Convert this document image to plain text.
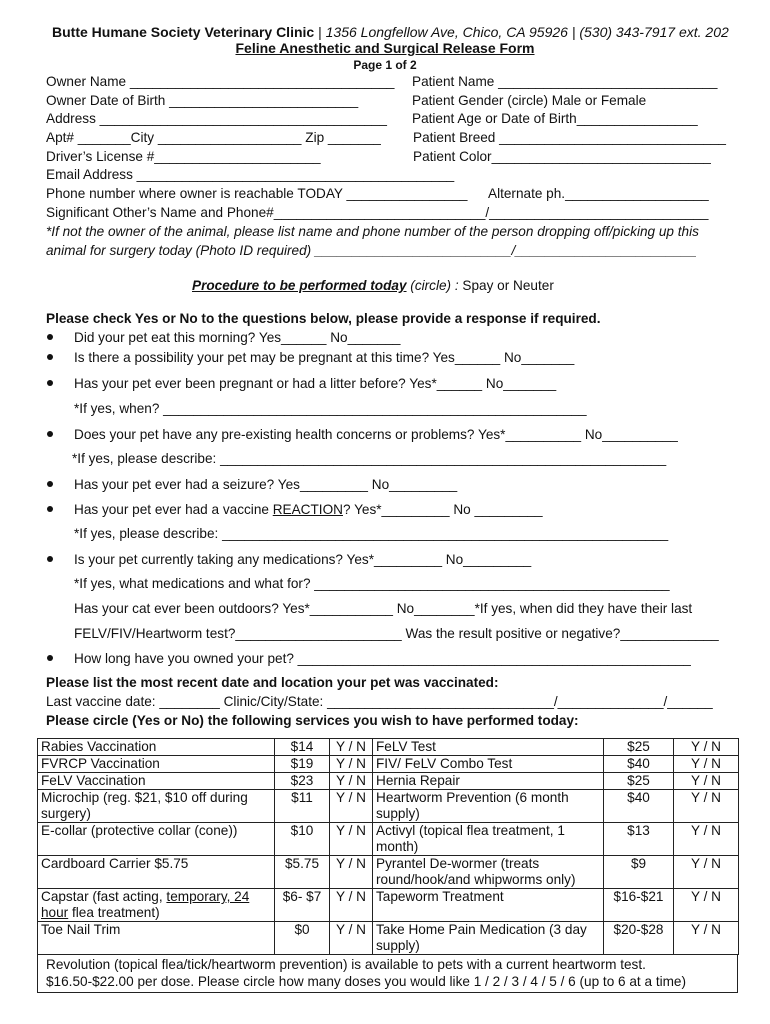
Butte Humane Society Veterinary Clinic | 1356 Longfellow Ave, Chico, CA 95926 | (530) 343-7917 ext. 202
Feline Anesthetic and Surgical Release Form
Page 1 of 2
Owner Name ___________________________________ Patient Name _____________________________
Owner Date of Birth _________________________	Patient Gender (circle) Male or Female
Address ______________________________________ Patient Age or Date of Birth________________
Apt# _______City ___________________ Zip _______ Patient Breed ______________________________
Driver’s License #______________________	Patient Color_____________________________
Email Address __________________________________________
Phone number where owner is reachable TODAY ________________ Alternate ph.___________________
Significant Other’s Name and Phone#____________________________/_____________________________
*If not the owner of the animal, please list name and phone number of the person dropping off/picking up this
animal for surgery today (Photo ID required) __________________________/________________________
Procedure to be performed today (circle) : Spay or Neuter
Please check Yes or No to the questions below, please provide a response if required.
Did your pet eat this morning? Yes______ No_______
Is there a possibility your pet may be pregnant at this time? Yes______ No_______
Has your pet ever been pregnant or had a litter before? Yes*______ No_______
*If yes, when? ________________________________________________________
Does your pet have any pre-existing health concerns or problems? Yes*__________ No__________
*If yes, please describe: ___________________________________________________________
Has your pet ever had a seizure? Yes_________ No_________
Has your pet ever had a vaccine REACTION? Yes*_________ No _________
*If yes, please describe: ___________________________________________________________
Is your pet currently taking any medications? Yes*_________ No_________
*If yes, what medications and what for? _______________________________________________
Has your cat ever been outdoors? Yes*___________ No________*If yes, when did they have their last
FELV/FIV/Heartworm test?______________________ Was the result positive or negative?_____________
How long have you owned your pet? ____________________________________________________
Please list the most recent date and location your pet was vaccinated:
Last vaccine date: ________ Clinic/City/State: ______________________________/______________/______
Please circle (Yes or No) the following services you wish to have performed today:
Rabies Vaccination	$14	Y / N	FeLV Test	$25	Y / N
FVRCP Vaccination	$19	Y / N	FIV/ FeLV Combo Test	$40	Y / N
FeLV Vaccination	$23	Y / N	Hernia Repair	$25	Y / N
Microchip (reg. $21, $10 off during surgery)	$11	Y / N	Heartworm Prevention (6 month supply)	$40	Y / N
E-collar (protective collar (cone))	$10	Y / N	Activyl (topical flea treatment, 1 month)	$13	Y / N
Cardboard Carrier $5.75	$5.75	Y / N	Pyrantel De-wormer (treats round/hook/and whipworms only)	$9	Y / N
Capstar (fast acting, temporary, 24 hour flea treatment)	$6- $7	Y / N	Tapeworm Treatment	$16-$21	Y / N
Toe Nail Trim	$0	Y / N	Take Home Pain Medication (3 day supply)	$20-$28	Y / N
Revolution (topical flea/tick/heartworm prevention) is available to pets with a current heartworm test. $16.50-$22.00 per dose. Please circle how many doses you would like 1 / 2 / 3 / 4 / 5 / 6 (up to 6 at a time)
